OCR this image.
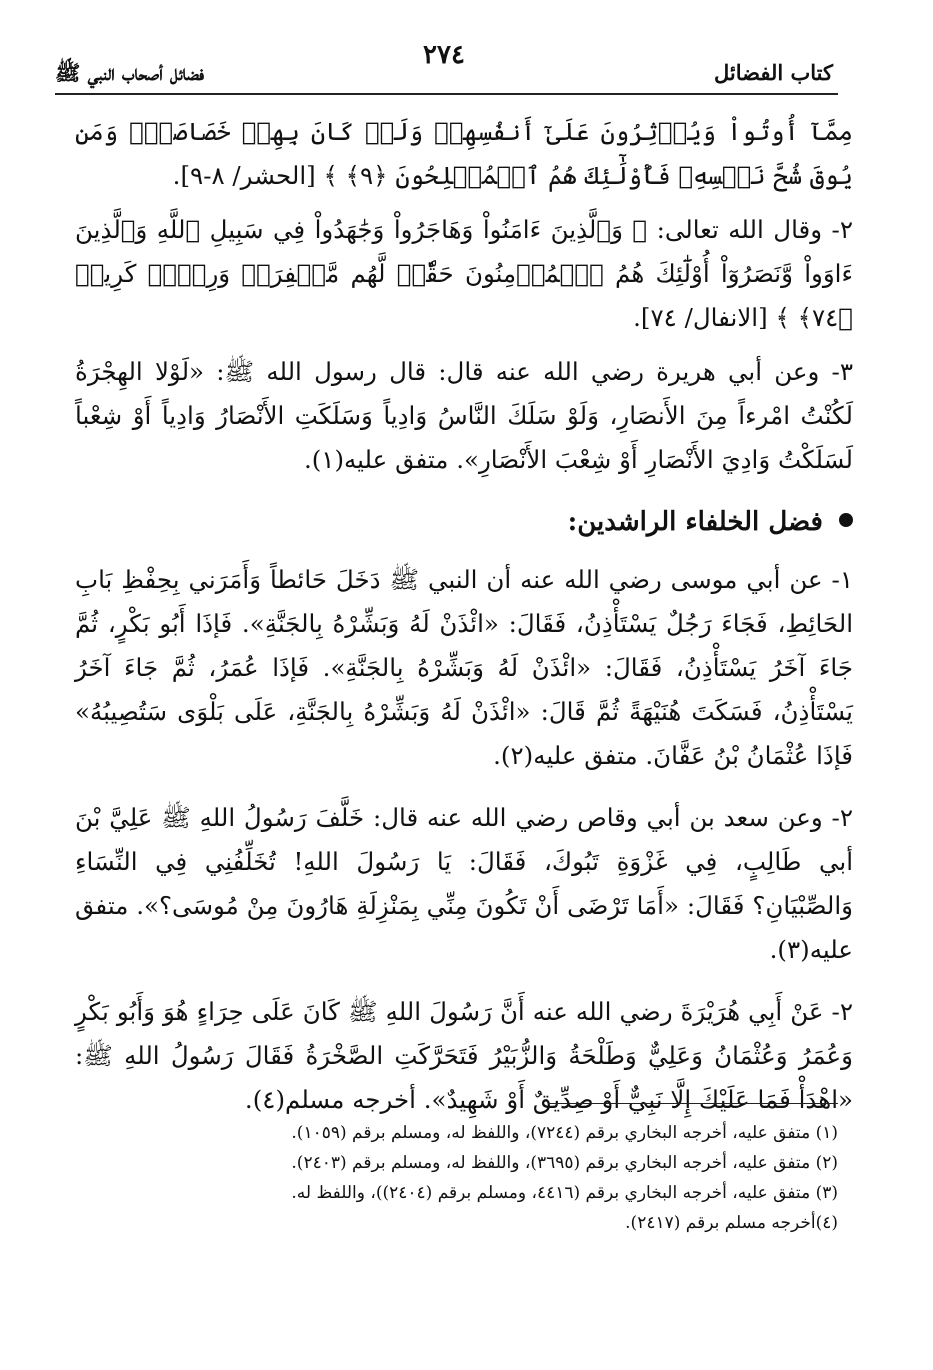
كتاب الفضائل
٢٧٤
فضائل أصحاب النبي ﷺ

مِمَّآ أُوتُواْ وَيُؤۡثِرُونَ عَلَىٰٓ أَنفُسِهِمۡ وَلَوۡ كَانَ بِهِمۡ خَصَاصَةٞۚ وَمَن يُوقَ شُحَّ نَفۡسِهِۦ فَأُوْلَٰٓئِكَ هُمُ ٱلۡمُفۡلِحُونَ ﴿٩﴾ ﴾ [الحشر/ ٨-٩].

٢- وقال الله تعالى: ﴿ وَٱلَّذِينَ ءَامَنُواْ وَهَاجَرُواْ وَجَٰهَدُواْ فِي سَبِيلِ ٱللَّهِ وَٱلَّذِينَ ءَاوَواْ وَّنَصَرُوٓاْ أُوْلَٰٓئِكَ هُمُ ٱلۡمُؤۡمِنُونَ حَقّٗاۚ لَّهُم مَّغۡفِرَةٞ وَرِزۡقٞ كَرِيمٞ ﴿٧٤﴾ ﴾ [الانفال/ ٧٤].

٣- وعن أبي هريرة رضي الله عنه قال: قال رسول الله ﷺ: «لَوْلا الهِجْرَةُ لَكُنْتُ امْرءاً مِنَ الأَنصَارِ، وَلَوْ سَلَكَ النَّاسُ وَادِياً وَسَلَكَتِ الأَنْصَارُ وَادِياً أَوْ شِعْباً لَسَلَكْتُ وَادِيَ الأَنْصَارِ أَوْ شِعْبَ الأَنْصَارِ». متفق عليه(١).

فضل الخلفاء الراشدين:

١- عن أبي موسى رضي الله عنه أن النبي ﷺ دَخَلَ حَائطاً وَأَمَرَني بِحِفْظِ بَابِ الحَائِطِ، فَجَاءَ رَجُلٌ يَسْتَأْذِنُ، فَقَالَ: «ائْذَنْ لَهُ وَبَشِّرْهُ بِالجَنَّةِ». فَإذَا أَبُو بَكْرٍ، ثُمَّ جَاءَ آخَرُ يَسْتَأْذِنُ، فَقَالَ: «ائْذَنْ لَهُ وَبَشِّرْهُ بِالجَنَّةِ». فَإذَا عُمَرُ، ثُمَّ جَاءَ آخَرُ يَسْتَأْذِنُ، فَسَكَتَ هُنَيْهَةً ثُمَّ قَالَ: «ائْذَنْ لَهُ وَبَشِّرْهُ بِالجَنَّةِ، عَلَى بَلْوَى سَتُصِيبُهُ» فَإذَا عُثْمَانُ بْنُ عَفَّانَ. متفق عليه(٢).

٢- وعن سعد بن أبي وقاص رضي الله عنه قال: خَلَّفَ رَسُولُ اللهِ ﷺ عَلِيَّ بْنَ أبي طَالِبٍ، فِي غَزْوَةِ تَبُوكَ، فَقَالَ: يَا رَسُولَ اللهِ! تُخَلِّفُنِي فِي النِّسَاءِ وَالصِّبْيَانِ؟ فَقَالَ: «أَمَا تَرْضَى أَنْ تَكُونَ مِنِّي بِمَنْزِلَةِ هَارُونَ مِنْ مُوسَى؟». متفق عليه(٣).

٢- عَنْ أَبِي هُرَيْرَةَ رضي الله عنه أَنَّ رَسُولَ اللهِ ﷺ كَانَ عَلَى حِرَاءٍ هُوَ وَأَبُو بَكْرٍ وَعُمَرُ وَعُثْمَانُ وَعَلِيٌّ وَطَلْحَةُ وَالزُّبَيْرُ فَتَحَرَّكَتِ الصَّخْرَةُ فَقَالَ رَسُولُ اللهِ ﷺ: «اهْدَأْ فَمَا عَلَيْكَ إِلَّا نَبِيٌّ أَوْ صِدِّيقٌ أَوْ شَهِيدٌ». أخرجه مسلم(٤).

(١) متفق عليه، أخرجه البخاري برقم (٧٢٤٤)، واللفظ له، ومسلم برقم (١٠٥٩).
(٢) متفق عليه، أخرجه البخاري برقم (٣٦٩٥)، واللفظ له، ومسلم برقم (٢٤٠٣).
(٣) متفق عليه، أخرجه البخاري برقم (٤٤١٦، ومسلم برقم (٢٤٠٤))، واللفظ له.
(٤)أخرجه مسلم برقم (٢٤١٧).
